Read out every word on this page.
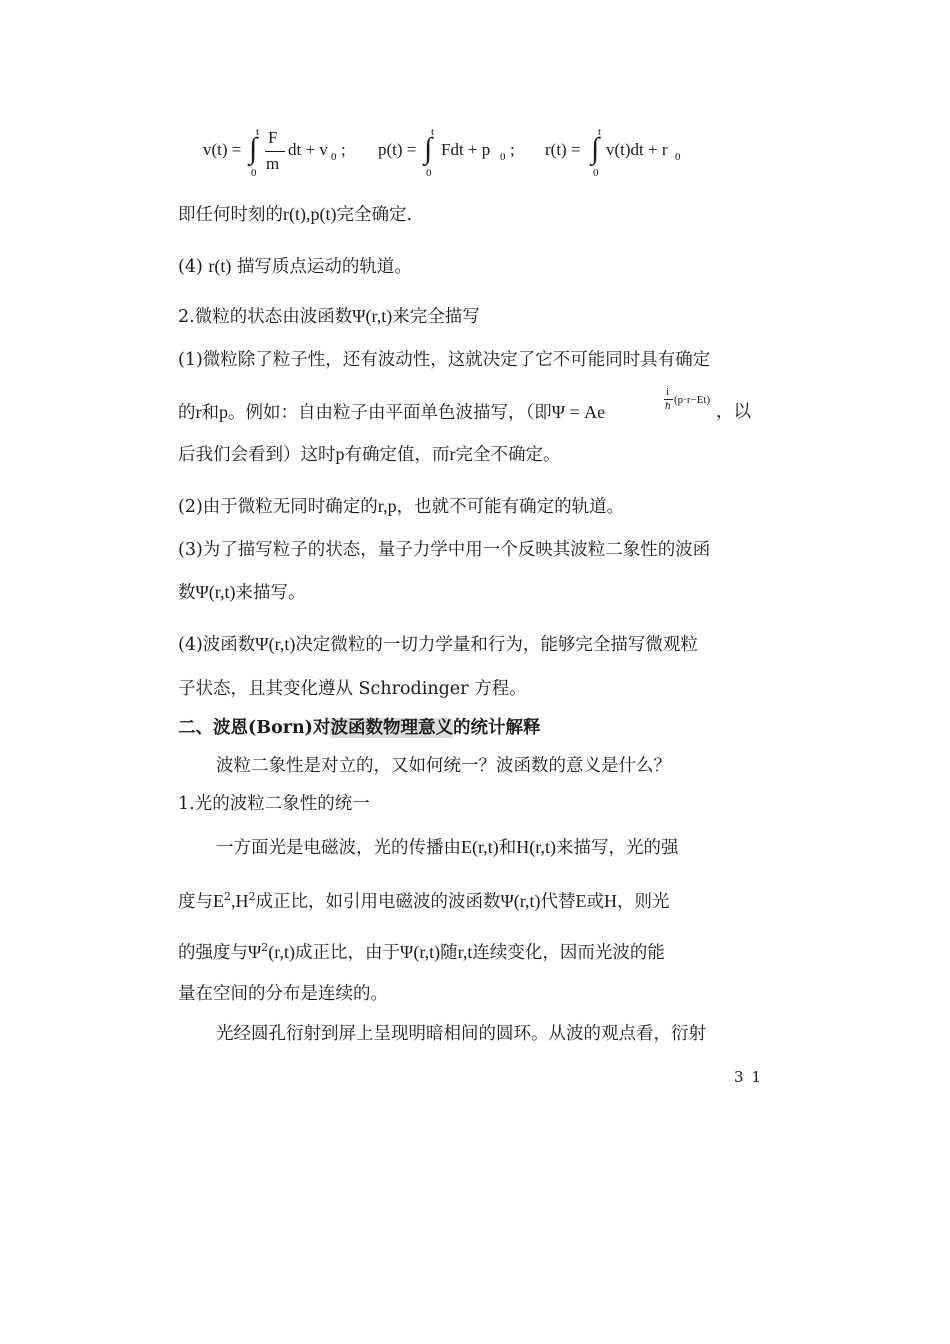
v(t) =
t
∫
0
F
m
dt + v 0 ; p(t) =
t
∫
0
Fdt + p 0 ; r(t) =
t
∫
0
v(t)dt + r 0
即任何时刻的r(t),p(t)完全确定.
(4) r(t) 描写质点运动的轨道。
2.微粒的状态由波函数Ψ(r,t)来完全描写
(1)微粒除了粒子性，还有波动性，这就决定了它不可能同时具有确定
的r和p。例如：自由粒子由平面单色波描写，（即Ψ = Ae
i
ħ (p·r−Et)
，以
后我们会看到）这时p有确定值，而r完全不确定。
(2)由于微粒无同时确定的r,p，也就不可能有确定的轨道。
(3)为了描写粒子的状态，量子力学中用一个反映其波粒二象性的波函
数Ψ(r,t)来描写。
(4)波函数Ψ(r,t)决定微粒的一切力学量和行为，能够完全描写微观粒
子状态，且其变化遵从 Schrodinger 方程。
二、波恩(Born)对波函数物理意义的统计解释
波粒二象性是对立的，又如何统一？波函数的意义是什么？
1.光的波粒二象性的统一
一方面光是电磁波，光的传播由E(r,t)和H(r,t)来描写，光的强
度与$E^2,H^2$成正比，如引用电磁波的波函数Ψ(r,t)代替E或H，则光
的强度与$\Psi^2(r,t)$成正比，由于Ψ(r,t)随r,t连续变化，因而光波的能
量在空间的分布是连续的。
光经圆孔衍射到屏上呈现明暗相间的圆环。从波的观点看，衍射
31
